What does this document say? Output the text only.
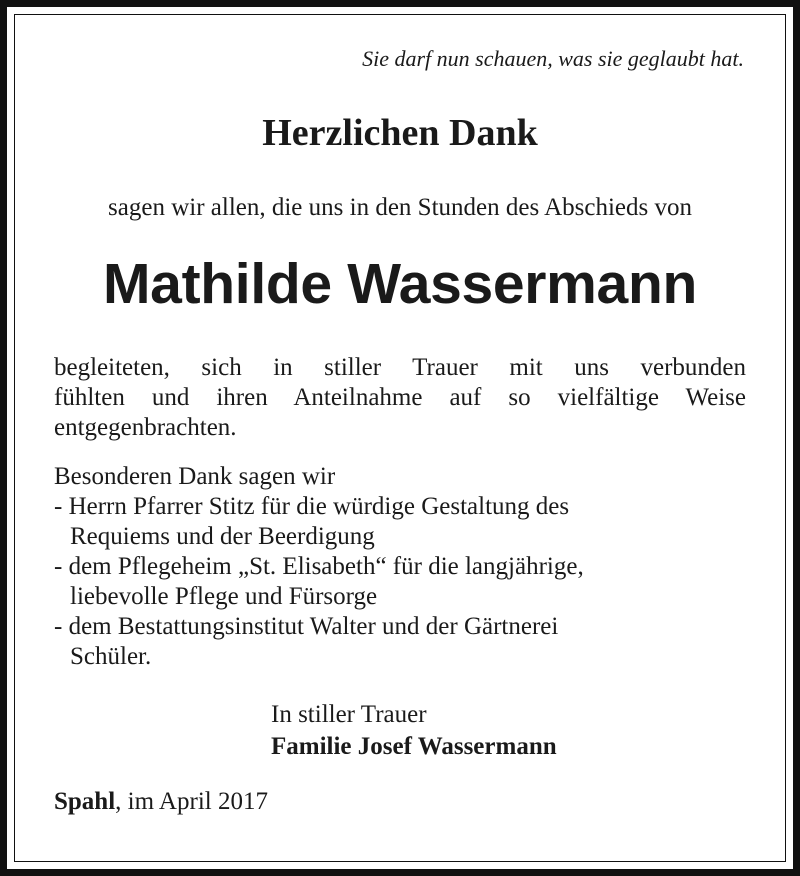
Sie darf nun schauen, was sie geglaubt hat.
Herzlichen Dank
sagen wir allen, die uns in den Stunden des Abschieds von
Mathilde Wassermann
begleiteten, sich in stiller Trauer mit uns verbunden
fühlten und ihren Anteilnahme auf so vielfältige Weise
entgegenbrachten.
Besonderen Dank sagen wir
- Herrn Pfarrer Stitz für die würdige Gestaltung des
Requiems und der Beerdigung
- dem Pflegeheim „St. Elisabeth“ für die langjährige,
liebevolle Pflege und Fürsorge
- dem Bestattungsinstitut Walter und der Gärtnerei
Schüler.
In stiller Trauer
Familie Josef Wassermann
Spahl, im April 2017
